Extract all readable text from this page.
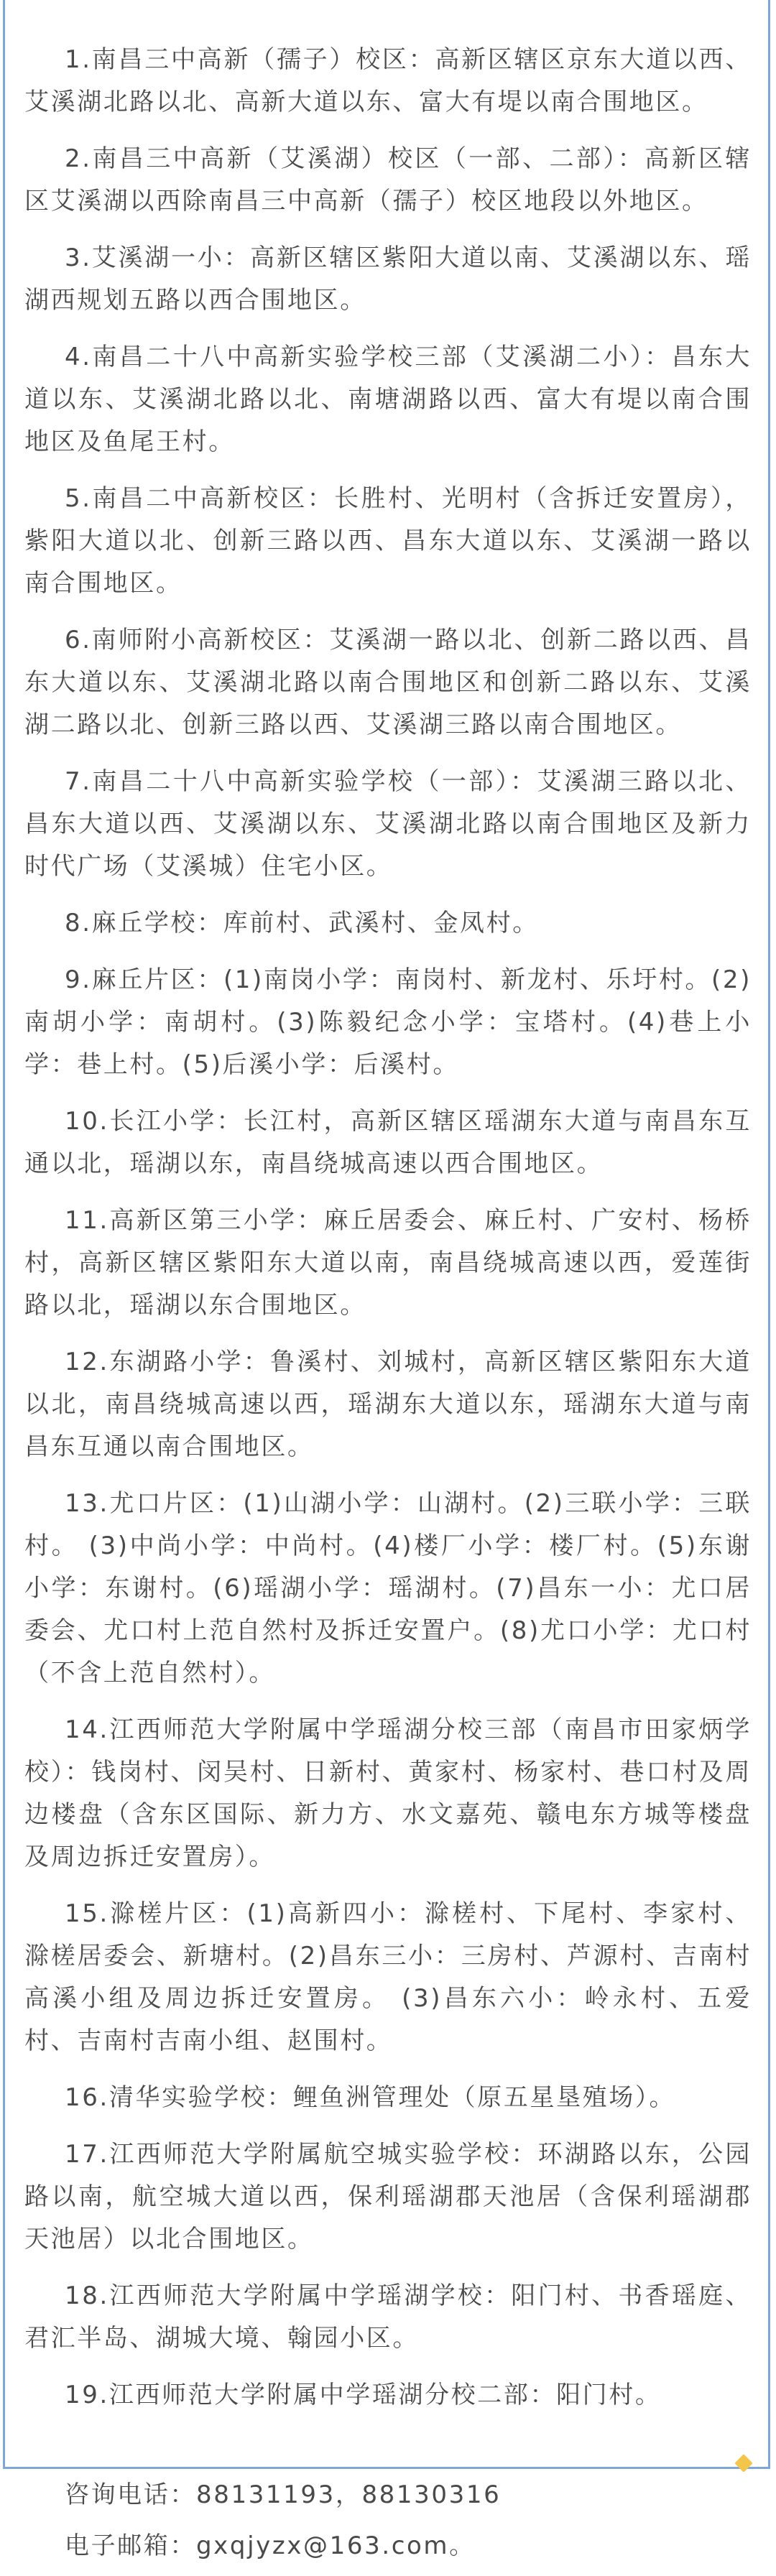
1.南昌三中高新（孺子）校区：高新区辖区京东大道以西、艾溪湖北路以北、高新大道以东、富大有堤以南合围地区。

2.南昌三中高新（艾溪湖）校区（一部、二部）：高新区辖区艾溪湖以西除南昌三中高新（孺子）校区地段以外地区。

3.艾溪湖一小：高新区辖区紫阳大道以南、艾溪湖以东、瑶湖西规划五路以西合围地区。

4.南昌二十八中高新实验学校三部（艾溪湖二小）：昌东大道以东、艾溪湖北路以北、南塘湖路以西、富大有堤以南合围地区及鱼尾王村。

5.南昌二中高新校区：长胜村、光明村（含拆迁安置房），紫阳大道以北、创新三路以西、昌东大道以东、艾溪湖一路以南合围地区。

6.南师附小高新校区：艾溪湖一路以北、创新二路以西、昌东大道以东、艾溪湖北路以南合围地区和创新二路以东、艾溪湖二路以北、创新三路以西、艾溪湖三路以南合围地区。

7.南昌二十八中高新实验学校（一部）：艾溪湖三路以北、昌东大道以西、艾溪湖以东、艾溪湖北路以南合围地区及新力时代广场（艾溪城）住宅小区。

8.麻丘学校：库前村、武溪村、金凤村。

9.麻丘片区：(1)南岗小学：南岗村、新龙村、乐圩村。(2)南胡小学：南胡村。(3)陈毅纪念小学：宝塔村。(4)巷上小学：巷上村。(5)后溪小学：后溪村。

10.长江小学：长江村，高新区辖区瑶湖东大道与南昌东互通以北，瑶湖以东，南昌绕城高速以西合围地区。

11.高新区第三小学：麻丘居委会、麻丘村、广安村、杨桥村，高新区辖区紫阳东大道以南，南昌绕城高速以西，爱莲街路以北，瑶湖以东合围地区。

12.东湖路小学：鲁溪村、刘城村，高新区辖区紫阳东大道以北，南昌绕城高速以西，瑶湖东大道以东，瑶湖东大道与南昌东互通以南合围地区。

13.尤口片区：(1)山湖小学：山湖村。(2)三联小学：三联村。 (3)中尚小学：中尚村。(4)楼厂小学：楼厂村。(5)东谢小学：东谢村。(6)瑶湖小学：瑶湖村。(7)昌东一小：尤口居委会、尤口村上范自然村及拆迁安置户。(8)尤口小学：尤口村（不含上范自然村）。

14.江西师范大学附属中学瑶湖分校三部（南昌市田家炳学校）：钱岗村、闵吴村、日新村、黄家村、杨家村、巷口村及周边楼盘（含东区国际、新力方、水文嘉苑、赣电东方城等楼盘及周边拆迁安置房）。

15.滁槎片区：(1)高新四小：滁槎村、下尾村、李家村、滁槎居委会、新塘村。(2)昌东三小：三房村、芦源村、吉南村高溪小组及周边拆迁安置房。 (3)昌东六小：岭永村、五爱村、吉南村吉南小组、赵围村。

16.清华实验学校：鲤鱼洲管理处（原五星垦殖场）。

17.江西师范大学附属航空城实验学校：环湖路以东，公园路以南，航空城大道以西，保利瑶湖郡天池居（含保利瑶湖郡天池居）以北合围地区。

18.江西师范大学附属中学瑶湖学校：阳门村、书香瑶庭、君汇半岛、湖城大境、翰园小区。

19.江西师范大学附属中学瑶湖分校二部：阳门村。

咨询电话：88131193，88130316

电子邮箱：gxqjyzx@163.com。
